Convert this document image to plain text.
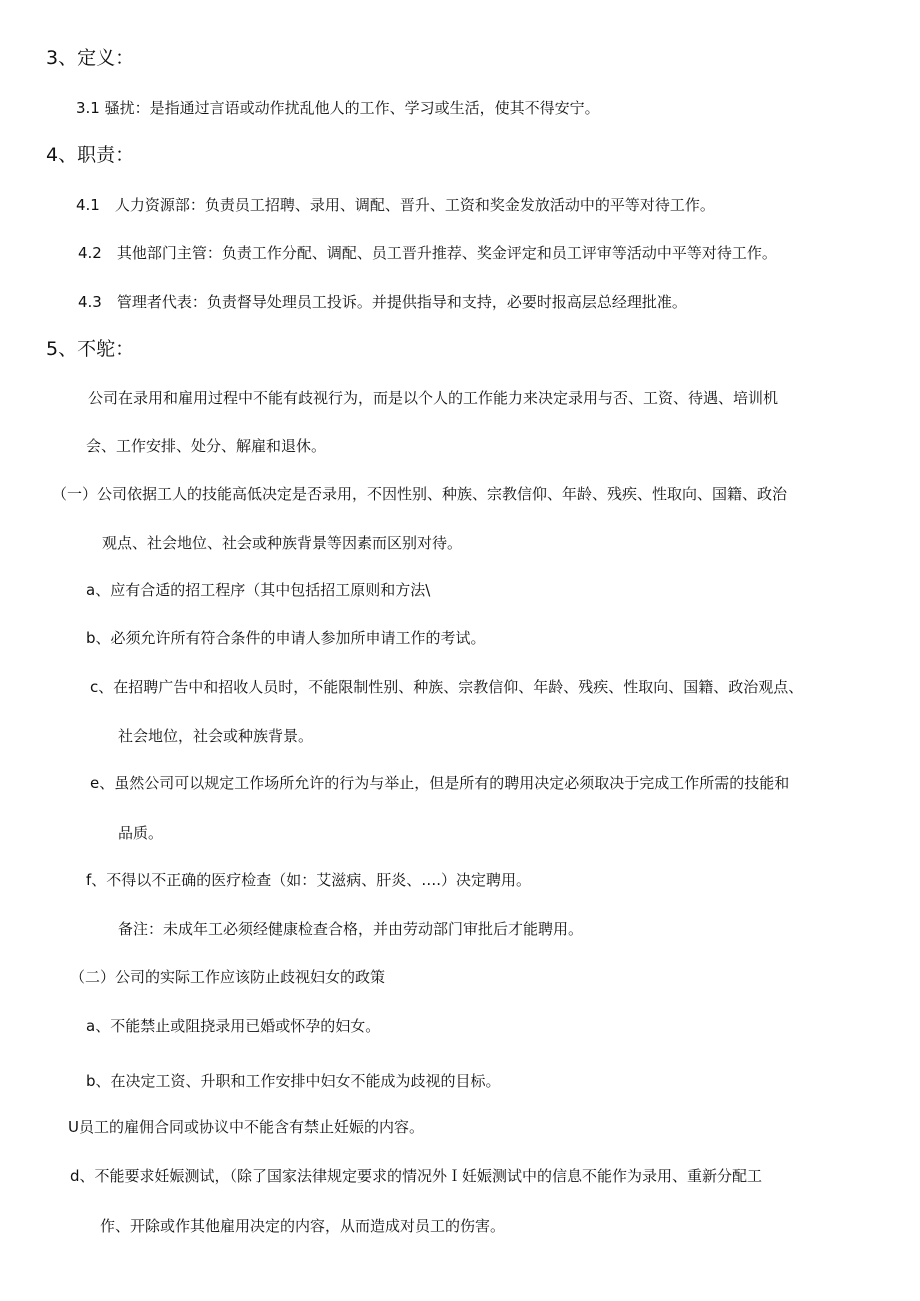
3、定义：
3.1 骚扰：是指通过言语或动作扰乱他人的工作、学习或生活，使其不得安宁。
4、职责：
4.1　人力资源部：负责员工招聘、录用、调配、晋升、工资和奖金发放活动中的平等对待工作。
4.2　其他部门主管：负责工作分配、调配、员工晋升推荐、奖金评定和员工评审等活动中平等对待工作。
4.3　管理者代表：负责督导处理员工投诉。并提供指导和支持，必要时报高层总经理批准。
5、不鸵：
公司在录用和雇用过程中不能有歧视行为，而是以个人的工作能力来决定录用与否、工资、待遇、培训机
会、工作安排、处分、解雇和退休。
（一）公司依据工人的技能高低决定是否录用，不因性别、种族、宗教信仰、年龄、残疾、性取向、国籍、政治
观点、社会地位、社会或种族背景等因素而区别对待。
a、应有合适的招工程序（其中包括招工原则和方法\
b、必须允许所有符合条件的申请人参加所申请工作的考试。
c、在招聘广告中和招收人员时，不能限制性别、种族、宗教信仰、年龄、残疾、性取向、国籍、政治观点、
社会地位，社会或种族背景。
e、虽然公司可以规定工作场所允许的行为与举止，但是所有的聘用决定必须取决于完成工作所需的技能和
品质。
f、不得以不正确的医疗检查（如：艾滋病、肝炎、….）决定聘用。
备注：未成年工必须经健康检查合格，并由劳动部门审批后才能聘用。
（二）公司的实际工作应该防止歧视妇女的政策
a、不能禁止或阻挠录用已婚或怀孕的妇女。
b、在决定工资、升职和工作安排中妇女不能成为歧视的目标。
U员工的雇佣合同或协议中不能含有禁止妊娠的内容。
d、不能要求妊娠测试，（除了国家法律规定要求的情况外Ｉ妊娠测试中的信息不能作为录用、重新分配工
作、开除或作其他雇用决定的内容，从而造成对员工的伤害。
